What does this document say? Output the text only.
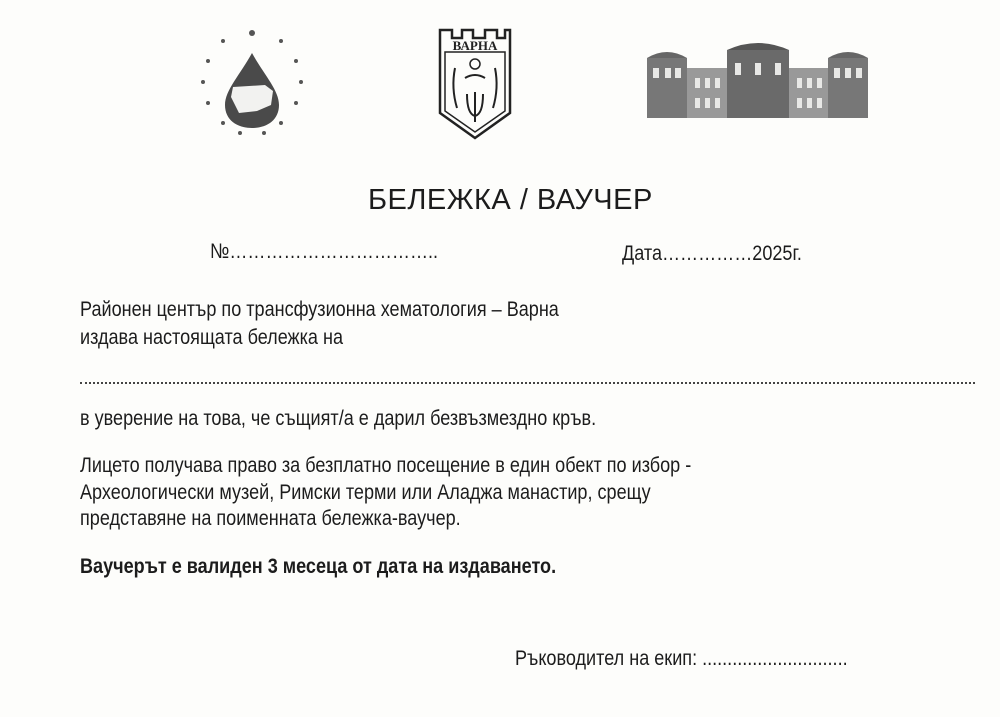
ВАРНА
БЕЛЕЖКА / ВАУЧЕР
№……………………………..	Дата……………2025г.
Районен център по трансфузионна хематология – Варна
издава настоящата бележка на
в уверение на това, че същият/а е дарил безвъзмездно кръв.
Лицето получава право за безплатно посещение в един обект по избор -
Археологически музей, Римски терми или Аладжа манастир, срещу
представяне на поименната бележка-ваучер.
Ваучерът е валиден 3 месеца от дата на издаването.
Ръководител на екип: .............................
